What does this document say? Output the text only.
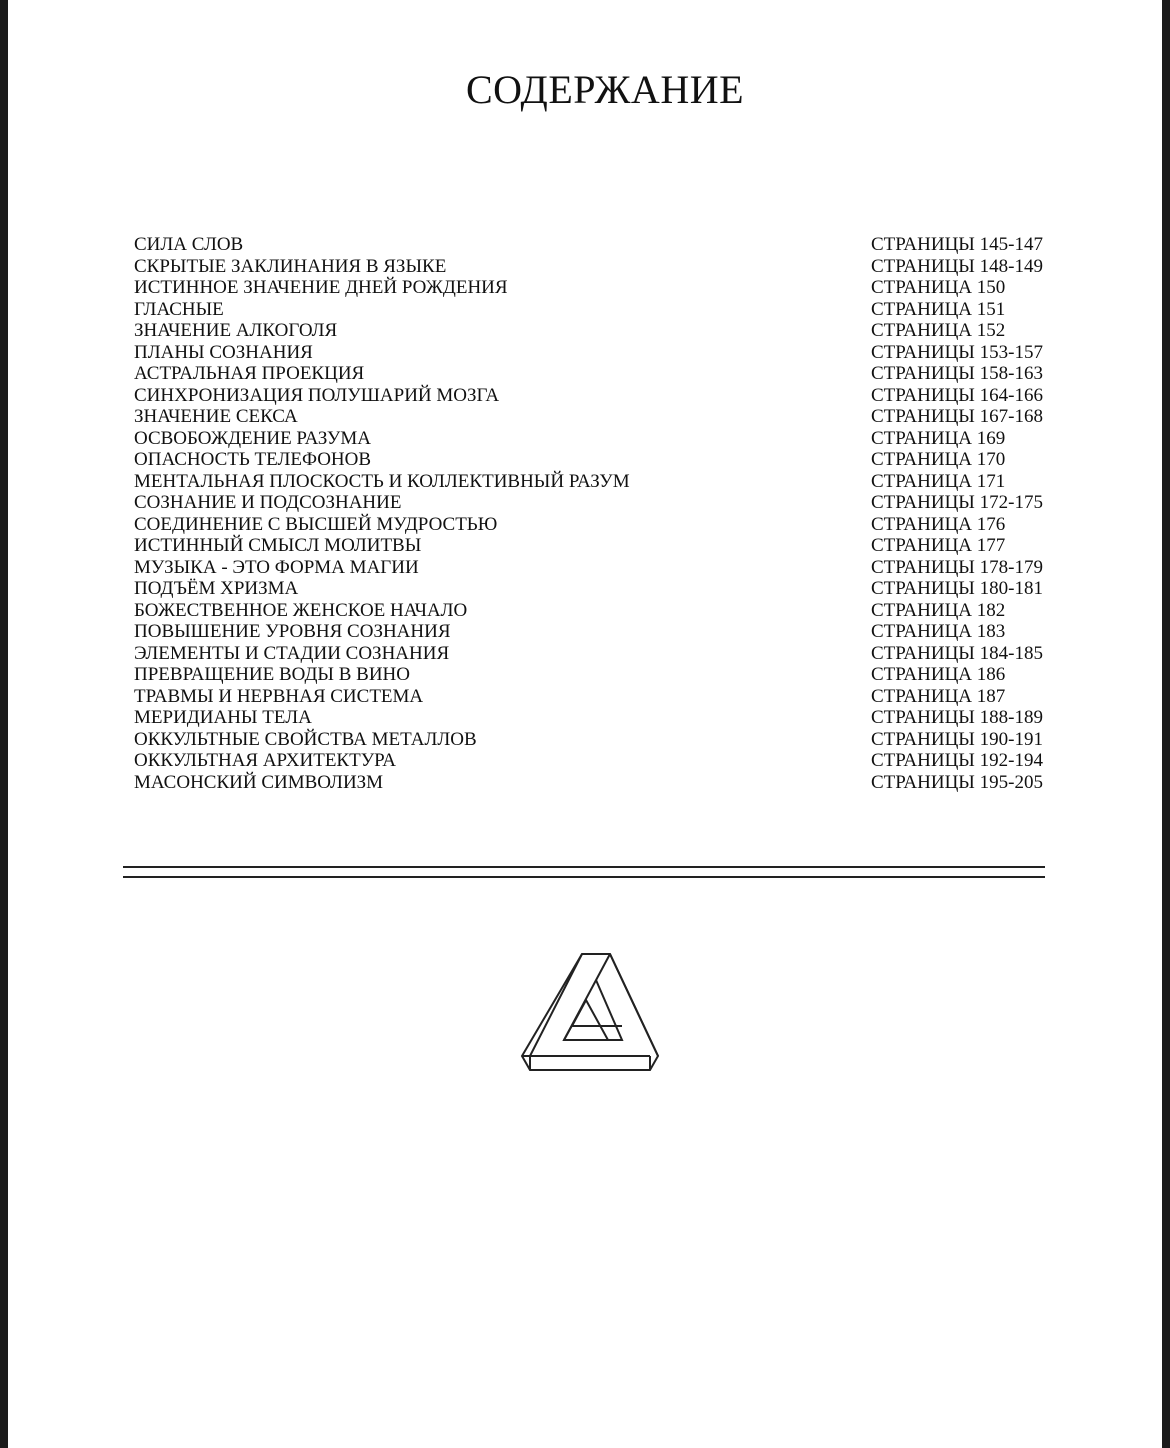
СОДЕРЖАНИЕ
СИЛА СЛОВ	СТРАНИЦЫ 145-147
СКРЫТЫЕ ЗАКЛИНАНИЯ В ЯЗЫКЕ	СТРАНИЦЫ 148-149
ИСТИННОЕ ЗНАЧЕНИЕ ДНЕЙ РОЖДЕНИЯ	СТРАНИЦА 150
ГЛАСНЫЕ	СТРАНИЦА 151
ЗНАЧЕНИЕ АЛКОГОЛЯ	СТРАНИЦА 152
ПЛАНЫ СОЗНАНИЯ	СТРАНИЦЫ 153-157
АСТРАЛЬНАЯ ПРОЕКЦИЯ	СТРАНИЦЫ 158-163
СИНХРОНИЗАЦИЯ ПОЛУШАРИЙ МОЗГА	СТРАНИЦЫ 164-166
ЗНАЧЕНИЕ СЕКСА	СТРАНИЦЫ 167-168
ОСВОБОЖДЕНИЕ РАЗУМА	СТРАНИЦА 169
ОПАСНОСТЬ ТЕЛЕФОНОВ	СТРАНИЦА 170
МЕНТАЛЬНАЯ ПЛОСКОСТЬ И КОЛЛЕКТИВНЫЙ РАЗУМ	СТРАНИЦА 171
СОЗНАНИЕ И ПОДСОЗНАНИЕ	СТРАНИЦЫ 172-175
СОЕДИНЕНИЕ С ВЫСШЕЙ МУДРОСТЬЮ	СТРАНИЦА 176
ИСТИННЫЙ СМЫСЛ МОЛИТВЫ	СТРАНИЦА 177
МУЗЫКА - ЭТО ФОРМА МАГИИ	СТРАНИЦЫ 178-179
ПОДЪЁМ ХРИЗМА	СТРАНИЦЫ 180-181
БОЖЕСТВЕННОЕ ЖЕНСКОЕ НАЧАЛО	СТРАНИЦА 182
ПОВЫШЕНИЕ УРОВНЯ СОЗНАНИЯ	СТРАНИЦА 183
ЭЛЕМЕНТЫ И СТАДИИ СОЗНАНИЯ	СТРАНИЦЫ 184-185
ПРЕВРАЩЕНИЕ ВОДЫ В ВИНО	СТРАНИЦА 186
ТРАВМЫ И НЕРВНАЯ СИСТЕМА	СТРАНИЦА 187
МЕРИДИАНЫ ТЕЛА	СТРАНИЦЫ 188-189
ОККУЛЬТНЫЕ СВОЙСТВА МЕТАЛЛОВ	СТРАНИЦЫ 190-191
ОККУЛЬТНАЯ АРХИТЕКТУРА	СТРАНИЦЫ 192-194
МАСОНСКИЙ СИМВОЛИЗМ	СТРАНИЦЫ 195-205
